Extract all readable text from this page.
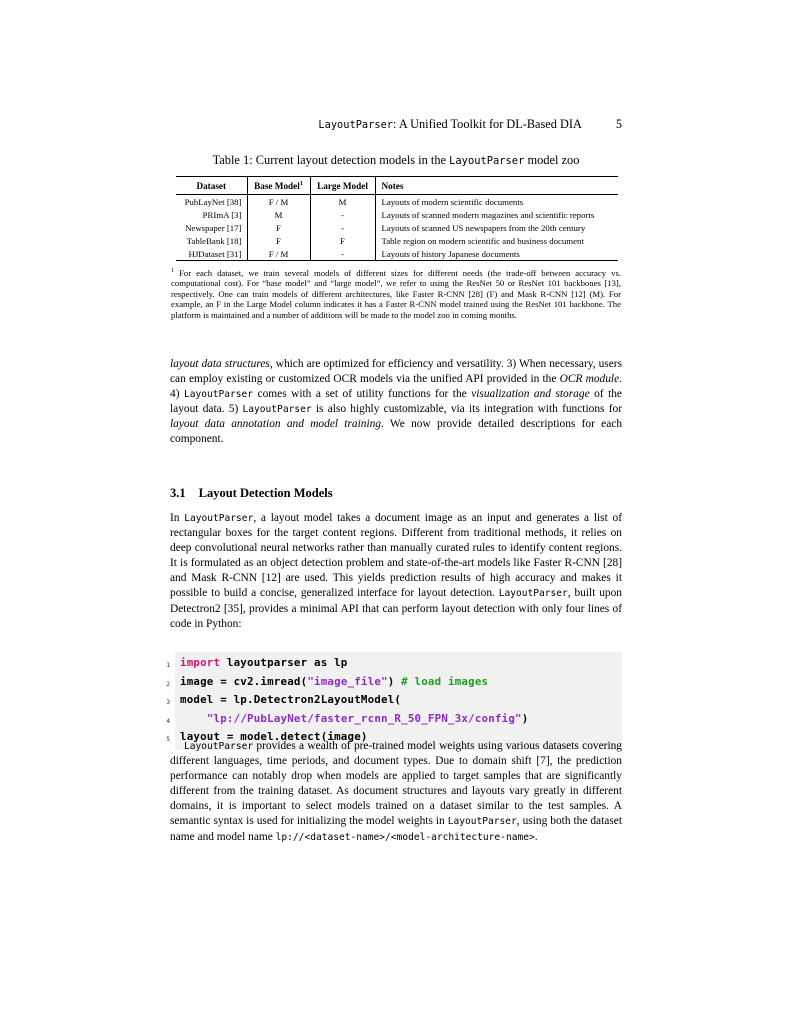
LayoutParser: A Unified Toolkit for DL-Based DIA	5
Table 1: Current layout detection models in the LayoutParser model zoo
Dataset	Base Model$^1$	Large Model	Notes
PubLayNet [38]	F / M	M	Layouts of modern scientific documents
PRImA [3]	M	-	Layouts of scanned modern magazines and scientific reports
Newspaper [17]	F	-	Layouts of scanned US newspapers from the 20th century
TableBank [18]	F	F	Table region on modern scientific and business document
HJDataset [31]	F / M	-	Layouts of history Japanese documents
$^1$ For each dataset, we train several models of different sizes for different needs (the trade-off between accuracy vs. computational cost). For “base model” and “large model”, we refer to using the ResNet 50 or ResNet 101 backbones [13], respectively. One can train models of different architectures, like Faster R-CNN [28] (F) and Mask R-CNN [12] (M). For example, an F in the Large Model column indicates it has a Faster R-CNN model trained using the ResNet 101 backbone. The platform is maintained and a number of additions will be made to the model zoo in coming months.
layout data structures, which are optimized for efficiency and versatility. 3) When necessary, users can employ existing or customized OCR models via the unified API provided in the OCR module. 4) LayoutParser comes with a set of utility functions for the visualization and storage of the layout data. 5) LayoutParser is also highly customizable, via its integration with functions for layout data annotation and model training. We now provide detailed descriptions for each component.
3.1 Layout Detection Models
In LayoutParser, a layout model takes a document image as an input and generates a list of rectangular boxes for the target content regions. Different from traditional methods, it relies on deep convolutional neural networks rather than manually curated rules to identify content regions. It is formulated as an object detection problem and state-of-the-art models like Faster R-CNN [28] and Mask R-CNN [12] are used. This yields prediction results of high accuracy and makes it possible to build a concise, generalized interface for layout detection. LayoutParser, built upon Detectron2 [35], provides a minimal API that can perform layout detection with only four lines of code in Python:
1 import layoutparser as lp
2 image = cv2.imread("image_file") # load images
3 model = lp.Detectron2LayoutModel(
4	"lp://PubLayNet/faster_rcnn_R_50_FPN_3x/config")
5 layout = model.detect(image)
LayoutParser provides a wealth of pre-trained model weights using various datasets covering different languages, time periods, and document types. Due to domain shift [7], the prediction performance can notably drop when models are applied to target samples that are significantly different from the training dataset. As document structures and layouts vary greatly in different domains, it is important to select models trained on a dataset similar to the test samples. A semantic syntax is used for initializing the model weights in LayoutParser, using both the dataset name and model name lp://<dataset-name>/<model-architecture-name>.
